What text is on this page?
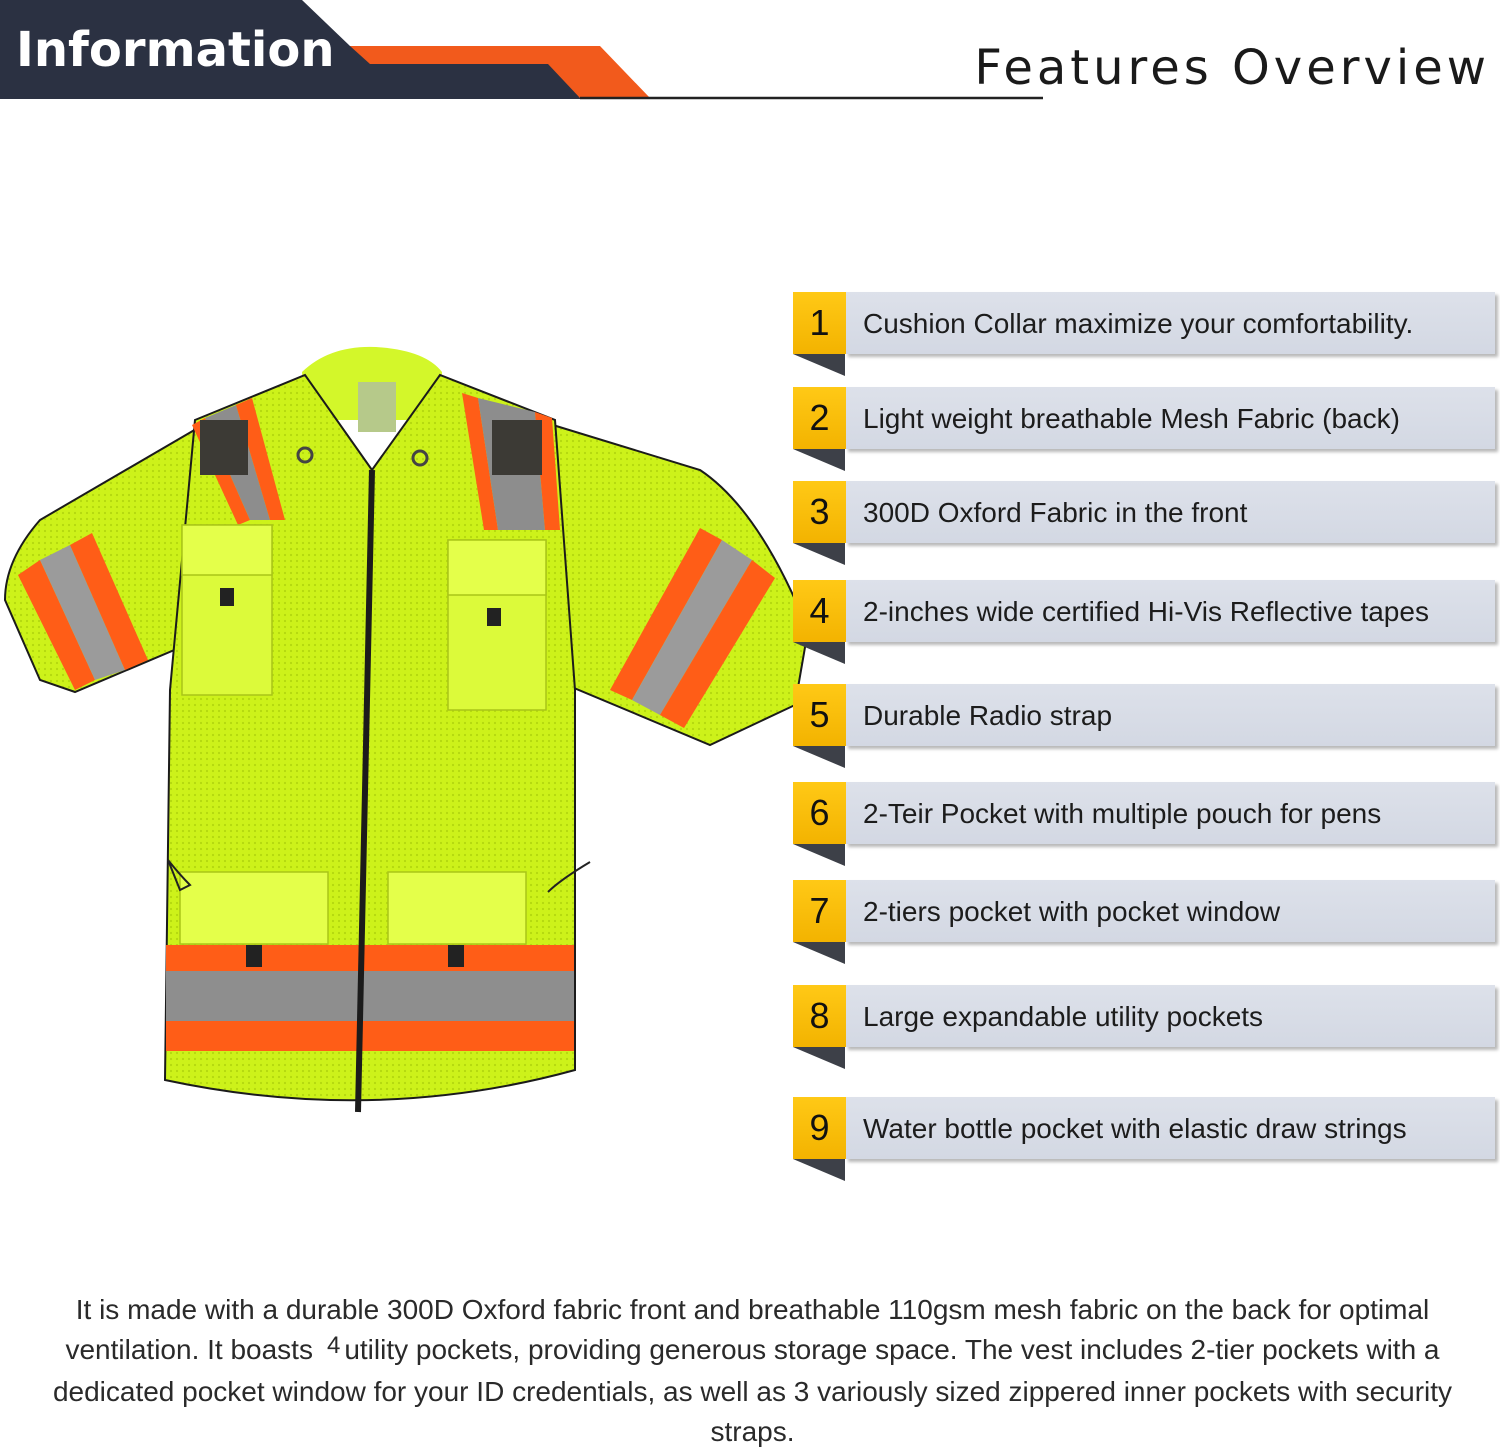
Information	Features Overview
1	Cushion Collar maximize your comfortability.
2	Light weight breathable Mesh Fabric (back)
3	300D Oxford Fabric in the front
4	2-inches wide certified Hi-Vis Reflective tapes
5	Durable Radio strap
6	2-Teir Pocket with multiple pouch for pens
7	2-tiers pocket with pocket window
8	Large expandable utility pockets
9	Water bottle pocket with elastic draw strings

It is made with a durable 300D Oxford fabric front and breathable 110gsm mesh fabric on the back for optimal ventilation. It boasts 4 utility pockets, providing generous storage space. The vest includes 2-tier pockets with a dedicated pocket window for your ID credentials, as well as 3 variously sized zippered inner pockets with security straps.
